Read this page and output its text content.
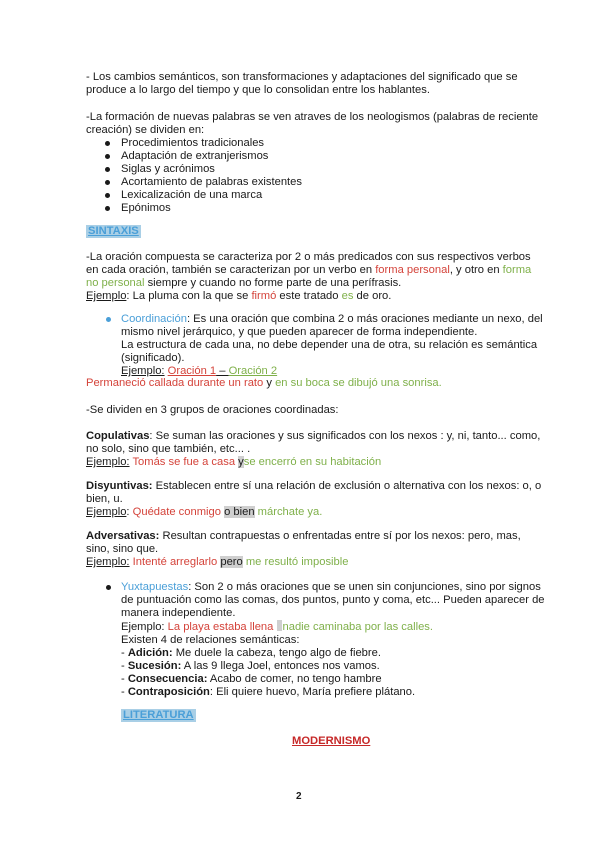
- Los cambios semánticos, son transformaciones y adaptaciones del significado que se produce a lo largo del tiempo y que lo consolidan entre los hablantes.

-La formación de nuevas palabras se ven atraves de los neologismos (palabras de reciente creación) se dividen en:

Procedimientos tradicionales
Adaptación de extranjerismos
Siglas y acrónimos
Acortamiento de palabras existentes
Lexicalización de una marca
Epónimos
SINTAXIS

-La oración compuesta se caracteriza por 2 o más predicados con sus respectivos verbos en cada oración, también se caracterizan por un verbo en forma personal, y otro en forma no personal siempre y cuando no forme parte de una perífrasis.

Ejemplo: La pluma con la que se firmó este tratado es de oro.

Coordinación: Es una oración que combina 2 o más oraciones mediante un nexo, del mismo nivel jerárquico, y que pueden aparecer de forma independiente.

La estructura de cada una, no debe depender una de otra, su relación es semántica (significado).

Ejemplo: Oración 1 – Oración 2

Permaneció callada durante un rato y en su boca se dibujó una sonrisa.

-Se dividen en 3 grupos de oraciones coordinadas:

Copulativas: Se suman las oraciones y sus significados con los nexos : y, ni, tanto... como, no solo, sino que también, etc... .

Ejemplo: Tomás se fue a casa yse encerró en su habitación

Disyuntivas: Establecen entre sí una relación de exclusión o alternativa con los nexos: o, o bien, u.

Ejemplo: Quédate conmigo o bien márchate ya.

Adversativas: Resultan contrapuestas o enfrentadas entre sí por los nexos: pero, mas, sino, sino que.

Ejemplo: Intenté arreglarlo pero me resultó imposible

Yuxtapuestas: Son 2 o más oraciones que se unen sin conjunciones, sino por signos de puntuación como las comas, dos puntos, punto y coma, etc... Pueden aparecer de manera independiente.

Ejemplo: La playa estaba llena nadie caminaba por las calles.

Existen 4 de relaciones semánticas:

- Adición: Me duele la cabeza, tengo algo de fiebre.

- Sucesión: A las 9 llega Joel, entonces nos vamos.

- Consecuencia: Acabo de comer, no tengo hambre

- Contraposición: Eli quiere huevo, María prefiere plátano.

LITERATURA
MODERNISMO
2
